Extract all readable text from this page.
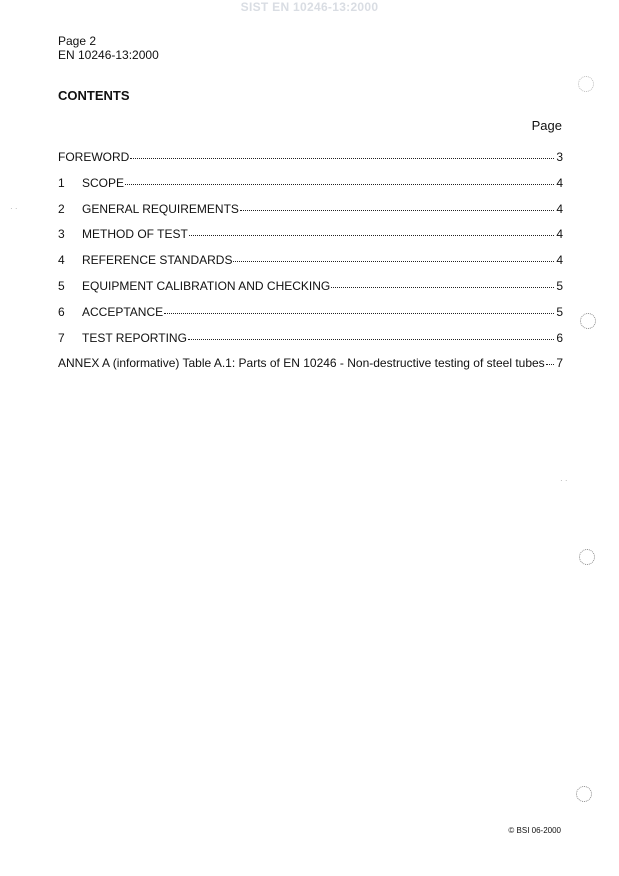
SIST EN 10246-13:2000
Page 2
EN 10246-13:2000
CONTENTS
Page
FOREWORD	3
1	SCOPE	4
2	GENERAL REQUIREMENTS	4
3	METHOD OF TEST	4
4	REFERENCE STANDARDS	4
5	EQUIPMENT CALIBRATION AND CHECKING	5
6	ACCEPTANCE	5
7	TEST REPORTING	6
ANNEX A (informative) Table A.1: Parts of EN 10246 - Non-destructive testing of steel tubes 7
© BSI 06-2000
· ·
· ·
